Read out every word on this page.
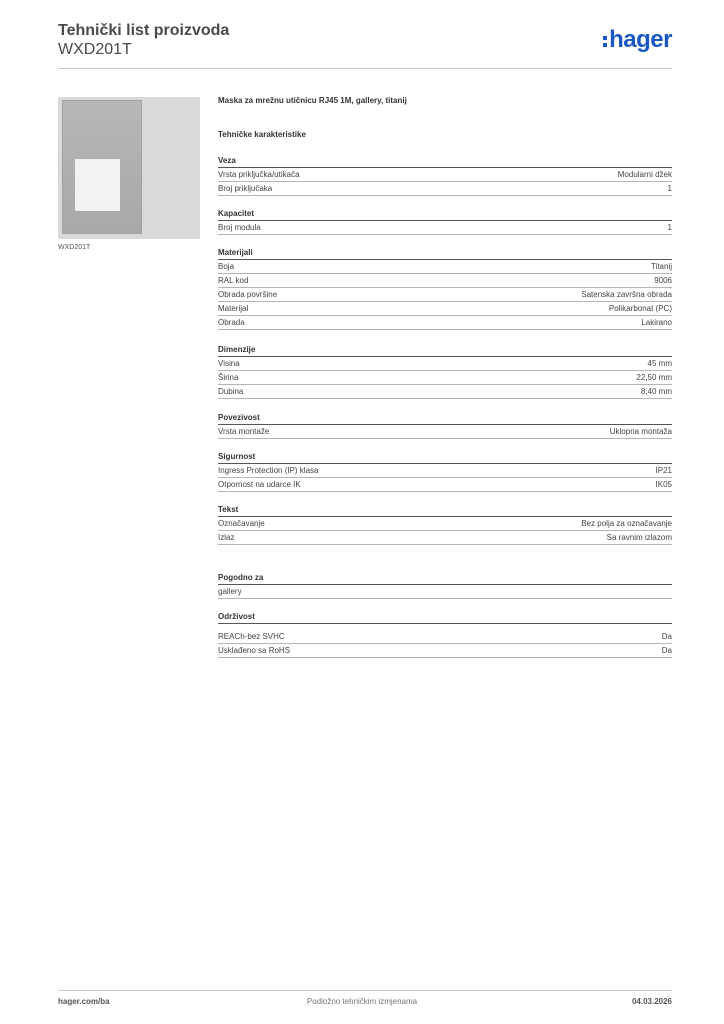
Tehnički list proizvoda
WXD201T	hager
WXD201T
Maska za mrežnu utičnicu RJ45 1M, gallery, titanij
Tehničke karakteristike
Veza
Vrsta priključka/utikača	Modularni džek
Broj priključaka	1
Kapacitet
Broj modula	1
Materijali
Boja	Titanij
RAL kod	9006
Obrada površine	Satenska završna obrada
Materijal	Polikarbonat (PC)
Obrada	Lakirano
Dimenzije
Visina	45 mm
Širina	22,50 mm
Dubina	8,40 mm
Povezivost
Vrsta montaže	Uklopna montaža
Sigurnost
Ingress Protection (IP) klasa	IP21
Otpornost na udarce IK	IK05
Tekst
Označavanje	Bez polja za označavanje
Izlaz	Sa ravnim izlazom
Pogodno za
gallery
Održivost
REACh-bez SVHC	Da
Usklađeno sa RoHS	Da
hager.com/ba	Podložno tehničkim izmjenama	04.03.2026
